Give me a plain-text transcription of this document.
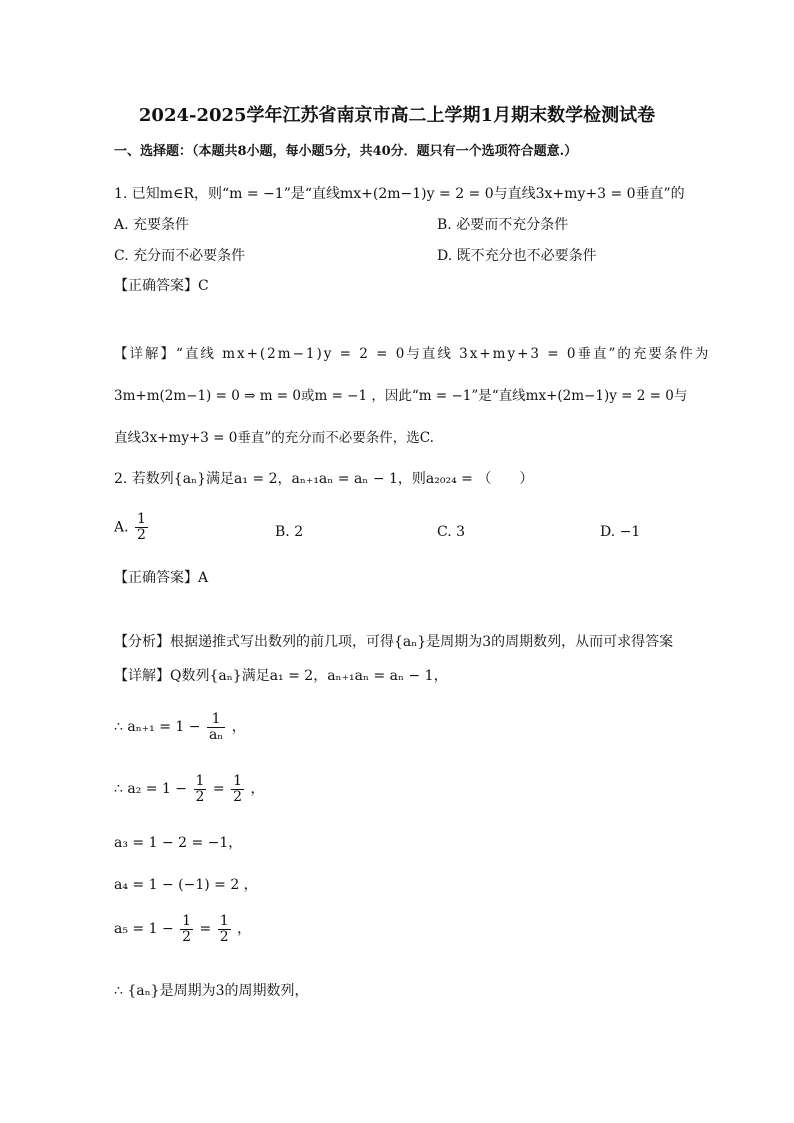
2024-2025学年江苏省南京市高二上学期1月期末数学检测试卷
一、选择题：（本题共8小题，每小题5分，共40分．题只有一个选项符合题意.）
1. 已知m∈R，则“m = −1”是“直线mx+(2m−1)y = 2 = 0与直线3x+my+3 = 0垂直”的
A. 充要条件	B. 必要而不充分条件
C. 充分而不必要条件	D. 既不充分也不必要条件
【正确答案】C
【详解】“直线 mx+(2m−1)y = 2 = 0与直线 3x+my+3 = 0垂直”的充要条件为
3m+m(2m−1) = 0 ⇒ m = 0或m = −1 ，因此“m = −1”是“直线mx+(2m−1)y = 2 = 0与
直线3x+my+3 = 0垂直”的充分而不必要条件，选C.
2. 若数列{aₙ}满足a₁ = 2，aₙ₊₁aₙ = aₙ − 1，则a₂₀₂₄ = （　　）
A. $\frac{1}{2}$	B. 2	C. 3	D. −1
【正确答案】A
【分析】根据递推式写出数列的前几项，可得{aₙ}是周期为3的周期数列，从而可求得答案
【详解】Q数列{aₙ}满足a₁ = 2，aₙ₊₁aₙ = aₙ − 1，
∴ $a_{n+1} = 1 - \frac{1}{\text{aₙ}}$ ，
∴ $a_2 = 1 - \frac{1}{2} = \frac{1}{2}$ ，
a₃ = 1 − 2 = −1，
a₄ = 1 − (−1) = 2 ，
$a_5 = 1 - \frac{1}{2} = \frac{1}{2}$ ，
∴ {aₙ}是周期为3的周期数列，
